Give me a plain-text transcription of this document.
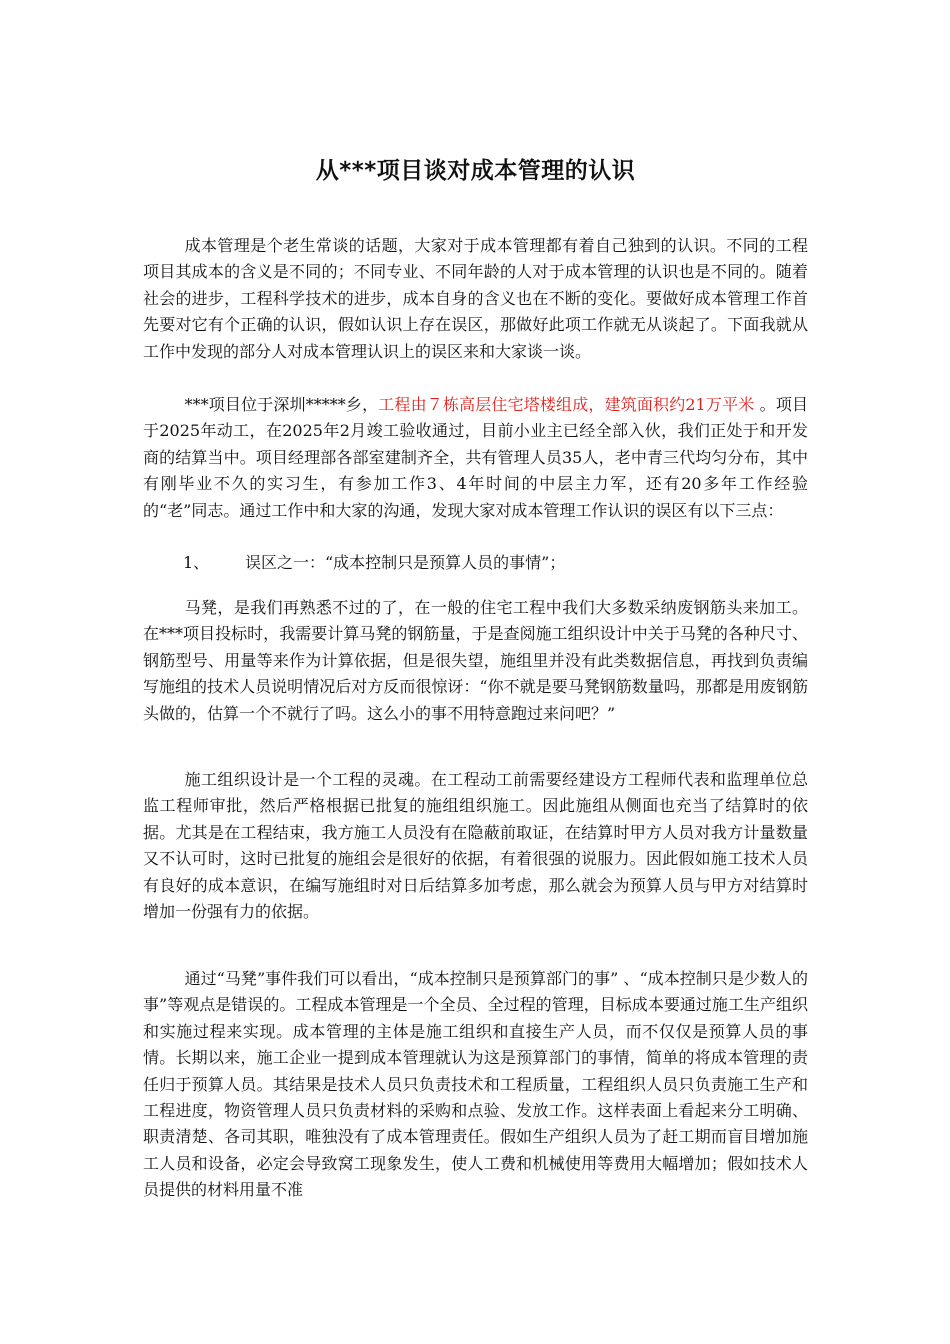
从***项目谈对成本管理的认识

成本管理是个老生常谈的话题，大家对于成本管理都有着自己独到的认识。不同的工程项目其成本的含义是不同的；不同专业、不同年龄的人对于成本管理的认识也是不同的。随着社会的进步，工程科学技术的进步，成本自身的含义也在不断的变化。要做好成本管理工作首先要对它有个正确的认识，假如认识上存在误区，那做好此项工作就无从谈起了。下面我就从工作中发现的部分人对成本管理认识上的误区来和大家谈一谈。

***项目位于深圳*****乡，工程由７栋高层住宅塔楼组成，建筑面积约21万平米 。项目于2025年动工，在2025年2月竣工验收通过，目前小业主已经全部入伙，我们正处于和开发商的结算当中。项目经理部各部室建制齐全，共有管理人员35人，老中青三代均匀分布，其中有刚毕业不久的实习生，有参加工作3、4年时间的中层主力军，还有20多年工作经验的“老”同志。通过工作中和大家的沟通，发现大家对成本管理工作认识的误区有以下三点：

1、 误区之一：“成本控制只是预算人员的事情”；

马凳，是我们再熟悉不过的了，在一般的住宅工程中我们大多数采纳废钢筋头来加工。在***项目投标时，我需要计算马凳的钢筋量，于是查阅施工组织设计中关于马凳的各种尺寸、钢筋型号、用量等来作为计算依据，但是很失望，施组里并没有此类数据信息，再找到负责编写施组的技术人员说明情况后对方反而很惊讶：“你不就是要马凳钢筋数量吗，那都是用废钢筋头做的，估算一个不就行了吗。这么小的事不用特意跑过来问吧？”

施工组织设计是一个工程的灵魂。在工程动工前需要经建设方工程师代表和监理单位总监工程师审批，然后严格根据已批复的施组组织施工。因此施组从侧面也充当了结算时的依据。尤其是在工程结束，我方施工人员没有在隐蔽前取证，在结算时甲方人员对我方计量数量又不认可时，这时已批复的施组会是很好的依据，有着很强的说服力。因此假如施工技术人员有良好的成本意识，在编写施组时对日后结算多加考虑，那么就会为预算人员与甲方对结算时增加一份强有力的依据。

通过“马凳”事件我们可以看出，“成本控制只是预算部门的事” 、“成本控制只是少数人的事”等观点是错误的。工程成本管理是一个全员、全过程的管理，目标成本要通过施工生产组织和实施过程来实现。成本管理的主体是施工组织和直接生产人员，而不仅仅是预算人员的事情。长期以来，施工企业一提到成本管理就认为这是预算部门的事情，简单的将成本管理的责任归于预算人员。其结果是技术人员只负责技术和工程质量，工程组织人员只负责施工生产和工程进度，物资管理人员只负责材料的采购和点验、发放工作。这样表面上看起来分工明确、职责清楚、各司其职，唯独没有了成本管理责任。假如生产组织人员为了赶工期而盲目增加施工人员和设备，必定会导致窝工现象发生，使人工费和机械使用等费用大幅增加；假如技术人员提供的材料用量不准
